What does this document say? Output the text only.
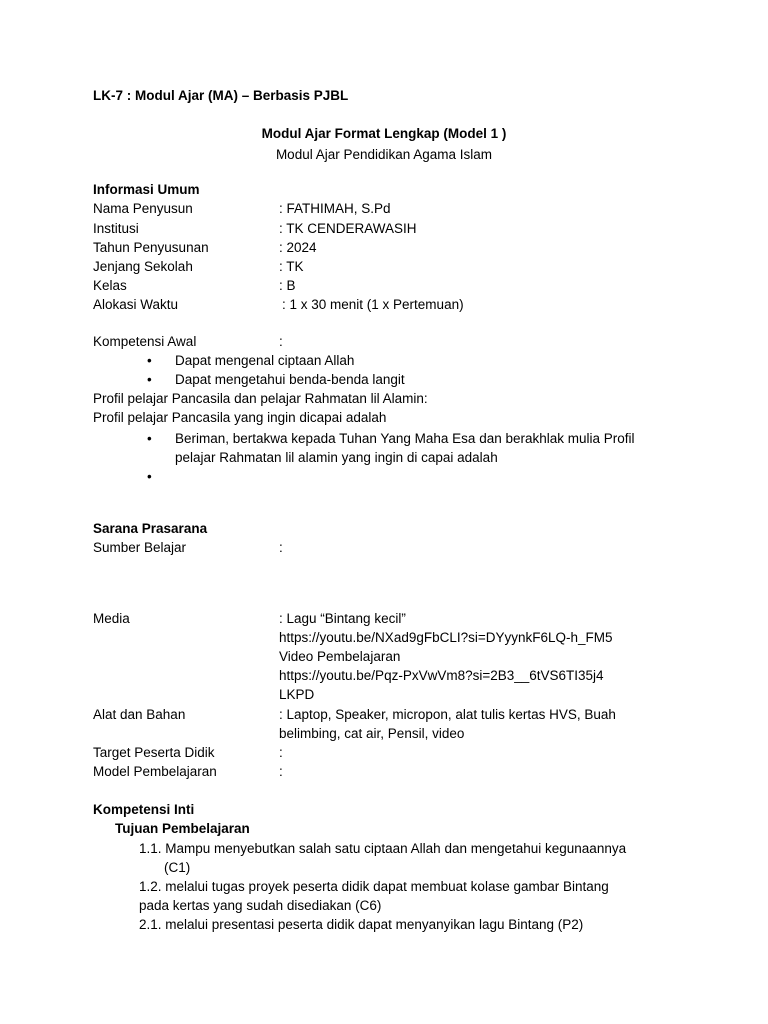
LK-7 : Modul Ajar (MA) – Berbasis PJBL
Modul Ajar Format Lengkap (Model 1 )
Modul Ajar Pendidikan Agama Islam
Informasi Umum
Nama Penyusun	: FATHIMAH, S.Pd
Institusi	: TK CENDERAWASIH
Tahun Penyusunan	: 2024
Jenjang Sekolah	: TK
Kelas	: B
Alokasi Waktu	: 1 x 30 menit (1 x Pertemuan)
Kompetensi Awal	:
• Dapat mengenal ciptaan Allah
• Dapat mengetahui benda-benda langit
Profil pelajar Pancasila dan pelajar Rahmatan lil Alamin:
Profil pelajar Pancasila yang ingin dicapai adalah
• Beriman, bertakwa kepada Tuhan Yang Maha Esa dan berakhlak mulia Profil
pelajar Rahmatan lil alamin yang ingin di capai adalah
•
Sarana Prasarana
Sumber Belajar	:
Media	: Lagu “Bintang kecil”
https://youtu.be/NXad9gFbCLI?si=DYyynkF6LQ-h_FM5
Video Pembelajaran
https://youtu.be/Pqz-PxVwVm8?si=2B3__6tVS6TI35j4
LKPD
Alat dan Bahan	: Laptop, Speaker, micropon, alat tulis kertas HVS, Buah
belimbing, cat air, Pensil, video
Target Peserta Didik	:
Model Pembelajaran	:
Kompetensi Inti
Tujuan Pembelajaran
1.1. Mampu menyebutkan salah satu ciptaan Allah dan mengetahui kegunaannya
(C1)
1.2. melalui tugas proyek peserta didik dapat membuat kolase gambar Bintang
pada kertas yang sudah disediakan (C6)
2.1. melalui presentasi peserta didik dapat menyanyikan lagu Bintang (P2)
